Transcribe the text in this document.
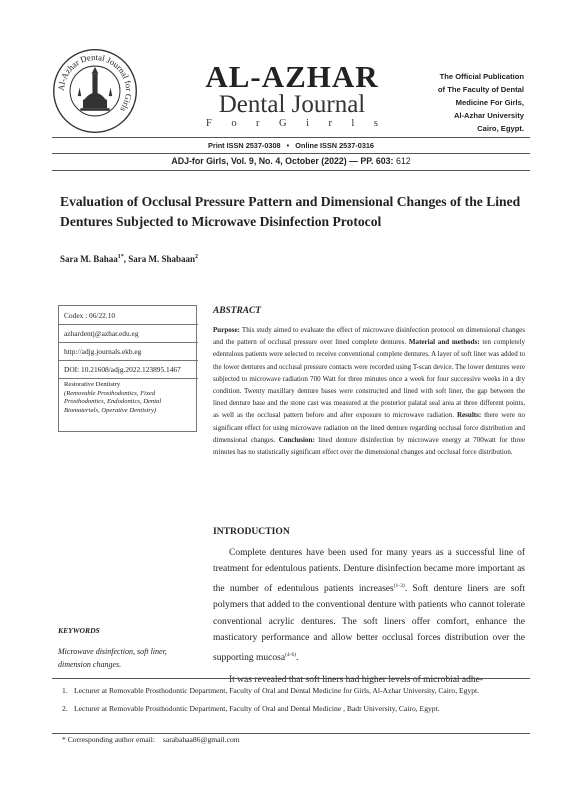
Al-Azhar Dental Journal for Girls
AL-AZHAR
Dental Journal
F o r G i r l s
The Official Publication
of The Faculty of Dental
Medicine For Girls,
Al-Azhar University
Cairo, Egypt.
Print ISSN 2537-0308   •   Online ISSN 2537-0316
ADJ-for Girls, Vol. 9, No. 4, October (2022) — PP. 603: 612
Evaluation of Occlusal Pressure Pattern and Dimensional Changes of the Lined Dentures Subjected to Microwave Disinfection Protocol
Sara M. Bahaa$^{1*}$, Sara M. Shabaan$^2$
Codex : 06/22.10
azhardentj@azhar.edu.eg
http://adjg.journals.ekb.eg
DOI: 10.21608/adjg.2022.123895.1467
Restorative Dentistry
(Removable Prosthodontics, Fixed Prosthodontics, Endodontics, Dental Biomaterials, Operative Dentistry)
KEYWORDS
Microwave disinfection, soft liner, dimension changes.
ABSTRACT
Purpose: This study aimed to evaluate the effect of microwave disinfection protocol on dimensional changes and the pattern of occlusal pressure over lined complete dentures. Material and methods: ten completely edentulous patients were selected to receive conventional complete dentures. A layer of soft liner was added to the lower dentures and occlusal pressure contacts were recorded using T-scan device. The lower dentures were subjected to microwave radiation 700 Watt for three minutes once a week for four successive weeks in a dry condition. Twenty maxillary denture bases were constructed and lined with soft liner, the gap between the lined denture base and the stone cast was measured at the posterior palatal seal area at three different points, as well as the occlusal pattern before and after exposure to microwave radiation. Results: there were no significant effect for using microwave radiation on the lined denture regarding occlusal force distribution and dimensional changes. Conclusion: lined denture disinfection by microwave energy at 700watt for three minutes has no statistically significant effect over the dimensional changes and occlusal force distribution.
INTRODUCTION

Complete dentures have been used for many years as a successful line of treatment for edentulous patients. Denture disinfection became more important as the number of edentulous patients increases$^{(1-3)}$. Soft denture liners are soft polymers that added to the conventional denture with patients who cannot tolerate conventional acrylic dentures. The soft liners offer comfort, enhance the masticatory performance and allow better occlusal forces distribution over the supporting mucosa$^{(4-6)}$.

It was revealed that soft liners had higher levels of microbial adhe-

1. Lecturer at Removable Prosthodontic Department, Faculty of Oral and Dental Medicine for Girls, Al-Azhar University, Cairo, Egypt.
2. Lecturer at Removable Prosthodontic Department, Faculty of Oral and Dental Medicine , Badr University, Cairo, Egypt.
* Corresponding author email: sarabahaa86@gmail.com
